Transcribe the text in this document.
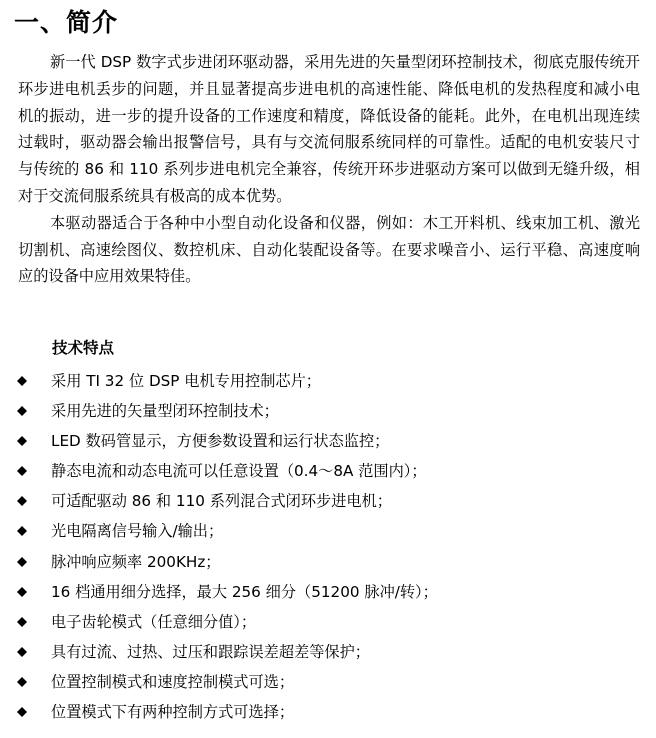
一、简介

新一代 DSP 数字式步进闭环驱动器，采用先进的矢量型闭环控制技术，彻底克服传统开环步进电机丢步的问题，并且显著提高步进电机的高速性能、降低电机的发热程度和减小电机的振动，进一步的提升设备的工作速度和精度，降低设备的能耗。此外，在电机出现连续过载时，驱动器会输出报警信号，具有与交流伺服系统同样的可靠性。适配的电机安装尺寸与传统的 86 和 110 系列步进电机完全兼容，传统开环步进驱动方案可以做到无缝升级，相对于交流伺服系统具有极高的成本优势。

本驱动器适合于各种中小型自动化设备和仪器，例如：木工开料机、线束加工机、激光切割机、高速绘图仪、数控机床、自动化装配设备等。在要求噪音小、运行平稳、高速度响应的设备中应用效果特佳。

技术特点
采用 TI 32 位 DSP 电机专用控制芯片；
采用先进的矢量型闭环控制技术；
LED 数码管显示，方便参数设置和运行状态监控；
静态电流和动态电流可以任意设置（0.4～8A 范围内）；
可适配驱动 86 和 110 系列混合式闭环步进电机；
光电隔离信号输入/输出；
脉冲响应频率 200KHz；
16 档通用细分选择，最大 256 细分（51200 脉冲/转）；
电子齿轮模式（任意细分值）；
具有过流、过热、过压和跟踪误差超差等保护；
位置控制模式和速度控制模式可选；
位置模式下有两种控制方式可选择；
